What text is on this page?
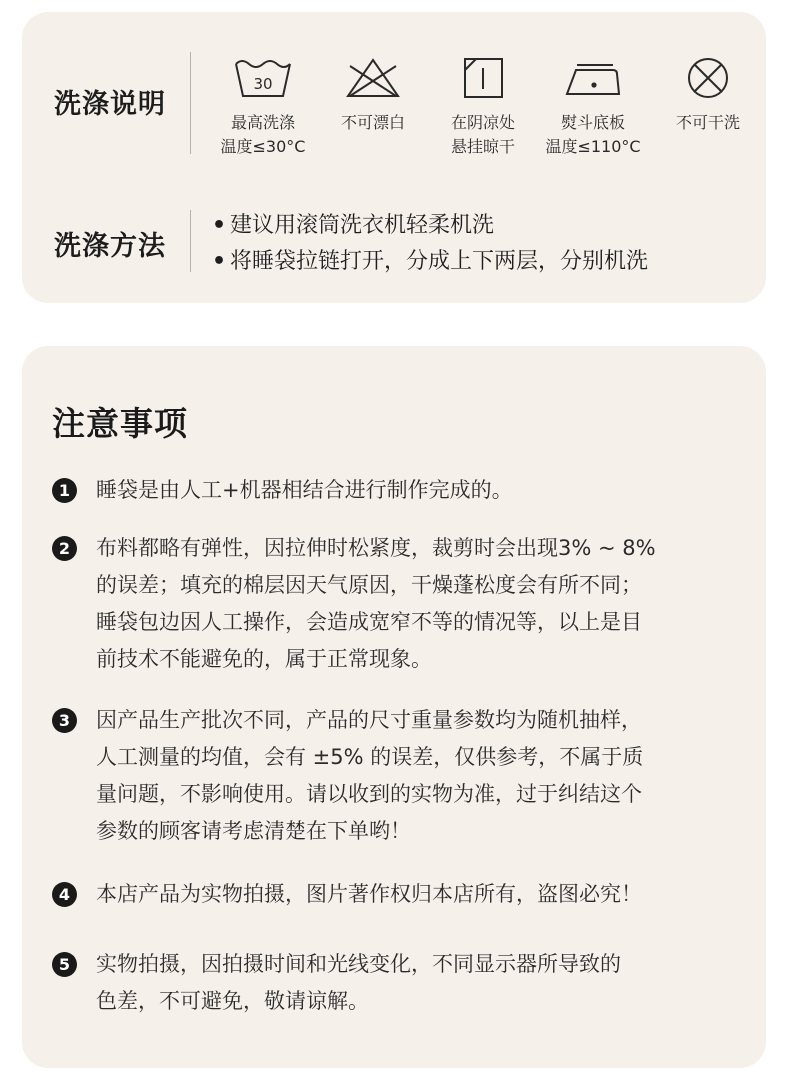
洗涤说明
30
最高洗涤
温度≤30°C
不可漂白	在阴凉处
悬挂晾干
熨斗底板
温度≤110°C
不可干洗
洗涤方法
• 建议用滚筒洗衣机轻柔机洗
• 将睡袋拉链打开，分成上下两层，分别机洗
注意事项
1	睡袋是由人工+机器相结合进行制作完成的。
2	布料都略有弹性，因拉伸时松紧度，裁剪时会出现3% ~ 8%
的误差；填充的棉层因天气原因，干燥蓬松度会有所不同；
睡袋包边因人工操作，会造成宽窄不等的情况等，以上是目
前技术不能避免的，属于正常现象。
3	因产品生产批次不同，产品的尺寸重量参数均为随机抽样，
人工测量的均值，会有 ±5% 的误差，仅供参考，不属于质
量问题，不影响使用。请以收到的实物为准，过于纠结这个
参数的顾客请考虑清楚在下单哟！
4	本店产品为实物拍摄，图片著作权归本店所有，盗图必究！
5	实物拍摄，因拍摄时间和光线变化，不同显示器所导致的
色差，不可避免，敬请谅解。
